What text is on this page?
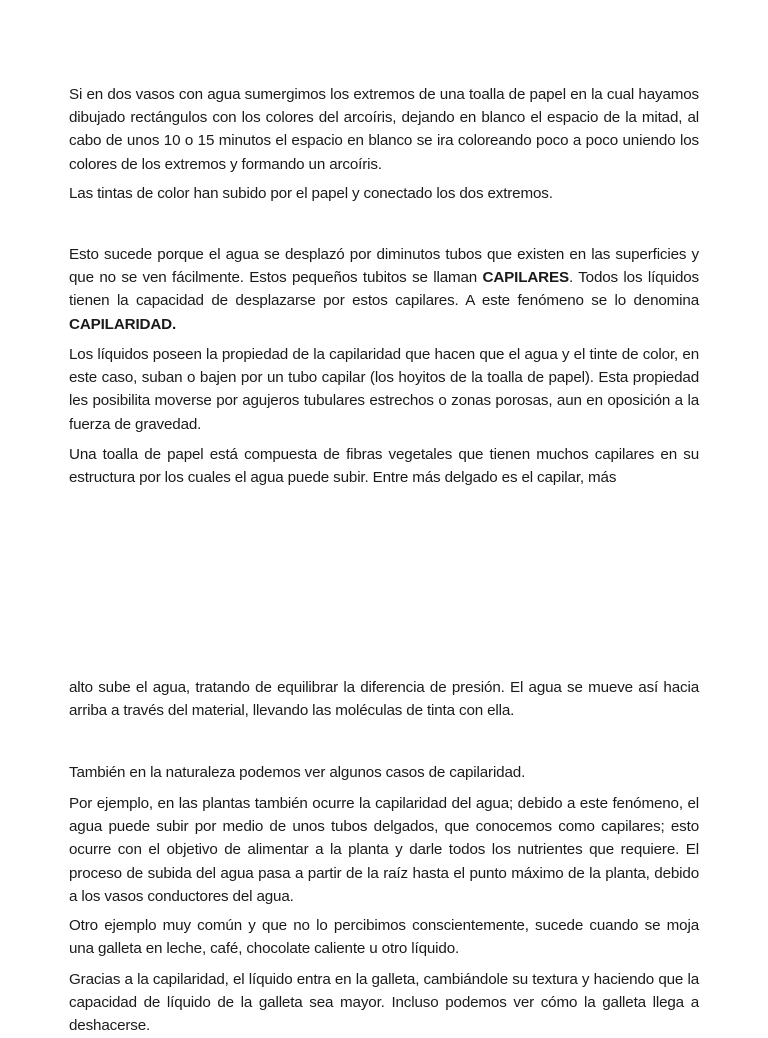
Si en dos vasos con agua sumergimos los extremos de una toalla de papel en la cual hayamos dibujado rectángulos con los colores del arcoíris, dejando en blanco el espacio de la mitad, al cabo de unos 10 o 15 minutos el espacio en blanco se ira coloreando poco a poco uniendo los colores de los extremos y formando un arcoíris.

Las tintas de color han subido por el papel y conectado los dos extremos.

Esto sucede porque el agua se desplazó por diminutos tubos que existen en las superficies y que no se ven fácilmente. Estos pequeños tubitos se llaman CAPILARES. Todos los líquidos tienen la capacidad de desplazarse por estos capilares. A este fenómeno se lo denomina CAPILARIDAD.

Los líquidos poseen la propiedad de la capilaridad que hacen que el agua y el tinte de color, en este caso, suban o bajen por un tubo capilar (los hoyitos de la toalla de papel). Esta propiedad les posibilita moverse por agujeros tubulares estrechos o zonas porosas, aun en oposición a la fuerza de gravedad.

Una toalla de papel está compuesta de fibras vegetales que tienen muchos capilares en su estructura por los cuales el agua puede subir. Entre más delgado es el capilar, más

alto sube el agua, tratando de equilibrar la diferencia de presión. El agua se mueve así hacia arriba a través del material, llevando las moléculas de tinta con ella.

También en la naturaleza podemos ver algunos casos de capilaridad.

Por ejemplo, en las plantas también ocurre la capilaridad del agua; debido a este fenómeno, el agua puede subir por medio de unos tubos delgados, que conocemos como capilares; esto ocurre con el objetivo de alimentar a la planta y darle todos los nutrientes que requiere. El proceso de subida del agua pasa a partir de la raíz hasta el punto máximo de la planta, debido a los vasos conductores del agua.

Otro ejemplo muy común y que no lo percibimos conscientemente, sucede cuando se moja una galleta en leche, café, chocolate caliente u otro líquido.

Gracias a la capilaridad, el líquido entra en la galleta, cambiándole su textura y haciendo que la capacidad de líquido de la galleta sea mayor. Incluso podemos ver cómo la galleta llega a deshacerse.
